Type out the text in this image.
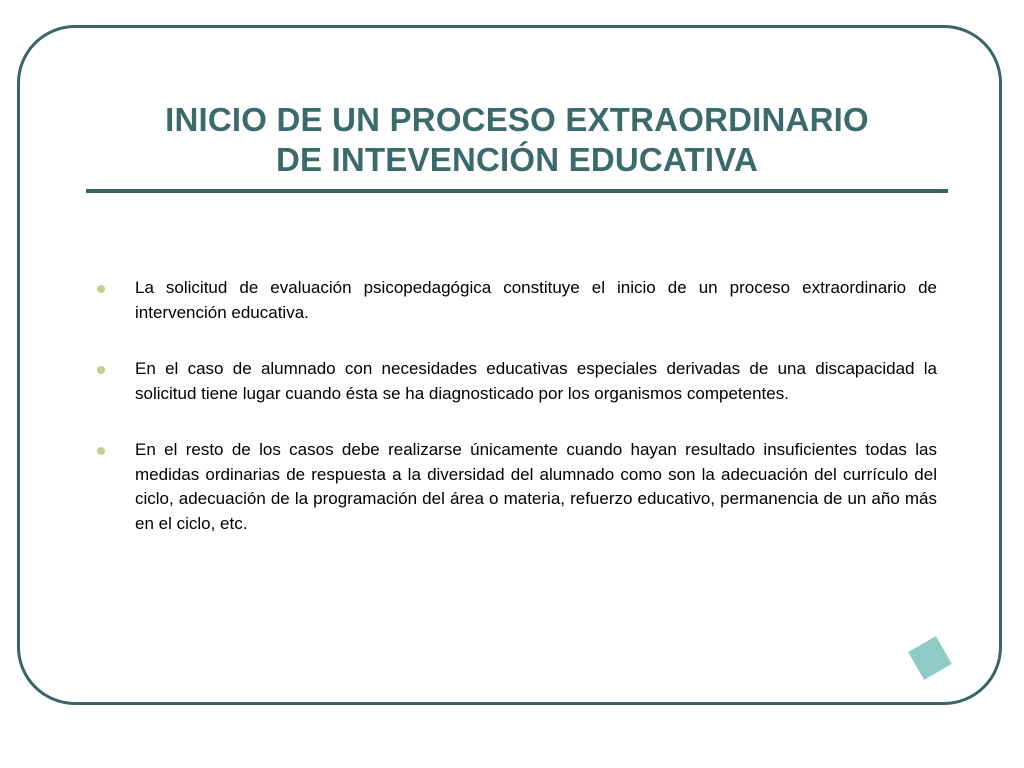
INICIO DE UN PROCESO EXTRAORDINARIO
DE INTEVENCIÓN EDUCATIVA
La solicitud de evaluación psicopedagógica constituye el inicio de un proceso extraordinario de intervención educativa.
En el caso de alumnado con necesidades educativas especiales derivadas de una discapacidad la solicitud tiene lugar cuando ésta se ha diagnosticado por los organismos competentes.
En el resto de los casos debe realizarse únicamente cuando hayan resultado insuficientes todas las medidas ordinarias de respuesta a la diversidad del alumnado como son la adecuación del currículo del ciclo, adecuación de la programación del área o materia, refuerzo educativo, permanencia de un año más en el ciclo, etc.
